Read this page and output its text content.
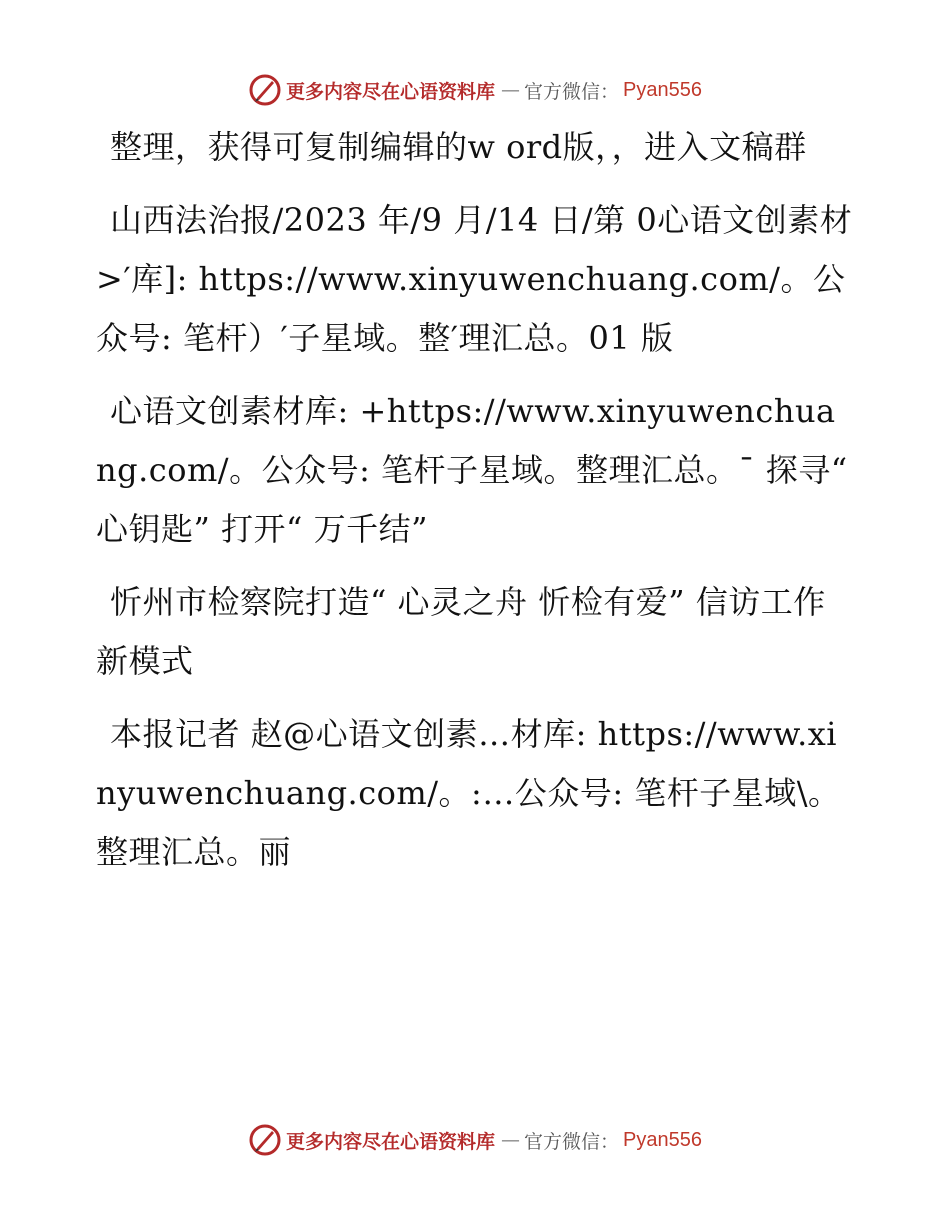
更多内容尽在心语资料库 — 官方微信： Pyan556

整理，获得可复制编辑的w ord版，，进入文稿群

山西法治报/2023 年/9 月/14 日/第 0心语文创素材>′库]: https://www.xinyuwenchuang.com/。公众号: 笔杆）′子星域。整′理汇总。01 版

心语文创素材库: +https://www.xinyuwenchuang.com/。公众号: 笔杆子星域。整理汇总。¯ 探寻“ 心钥匙” 打开“ 万千结”

忻州市检察院打造“ 心灵之舟 忻检有爱” 信访工作新模式

本报记者 赵@心语文创素…材库: https://www.xinyuwenchuang.com/。:…公众号: 笔杆子星域\。整理汇总。丽

更多内容尽在心语资料库 — 官方微信： Pyan556
